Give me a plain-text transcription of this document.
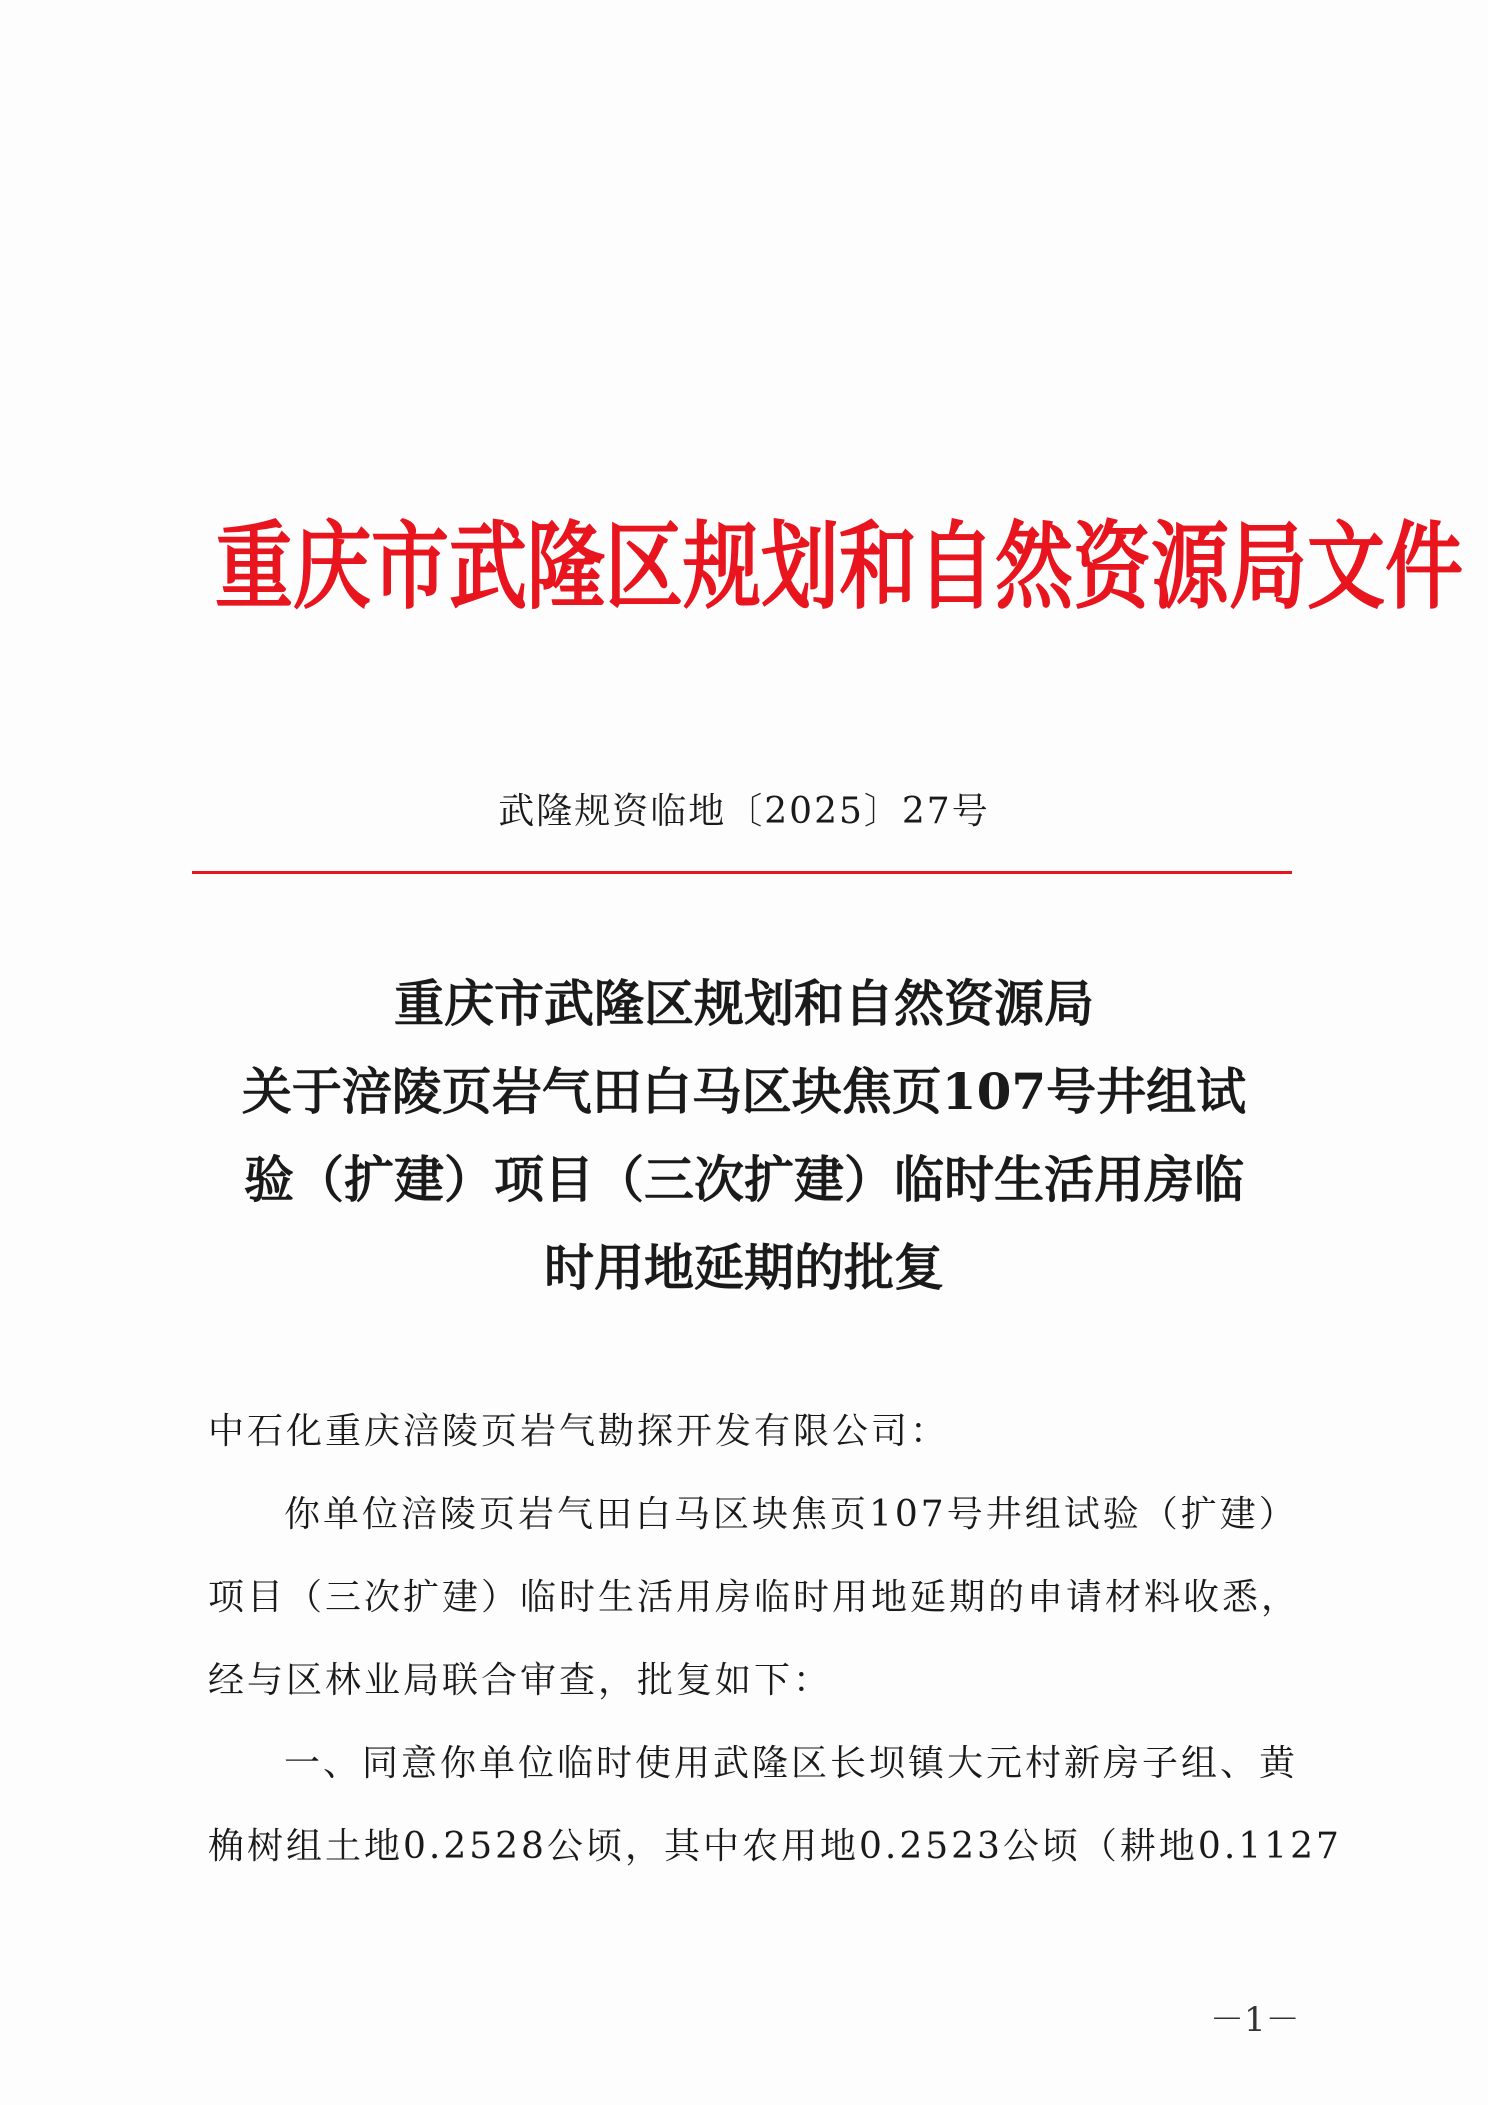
重庆市武隆区规划和自然资源局文件
武隆规资临地〔2025〕27号
重庆市武隆区规划和自然资源局
关于涪陵页岩气田白马区块焦页107号井组试
验（扩建）项目（三次扩建）临时生活用房临
时用地延期的批复
中石化重庆涪陵页岩气勘探开发有限公司：
你单位涪陵页岩气田白马区块焦页107号井组试验（扩建）
项目（三次扩建）临时生活用房临时用地延期的申请材料收悉，
经与区林业局联合审查，批复如下：
一、同意你单位临时使用武隆区长坝镇大元村新房子组、黄
桷树组土地0.2528公顷，其中农用地0.2523公顷（耕地0.1127
－1－
